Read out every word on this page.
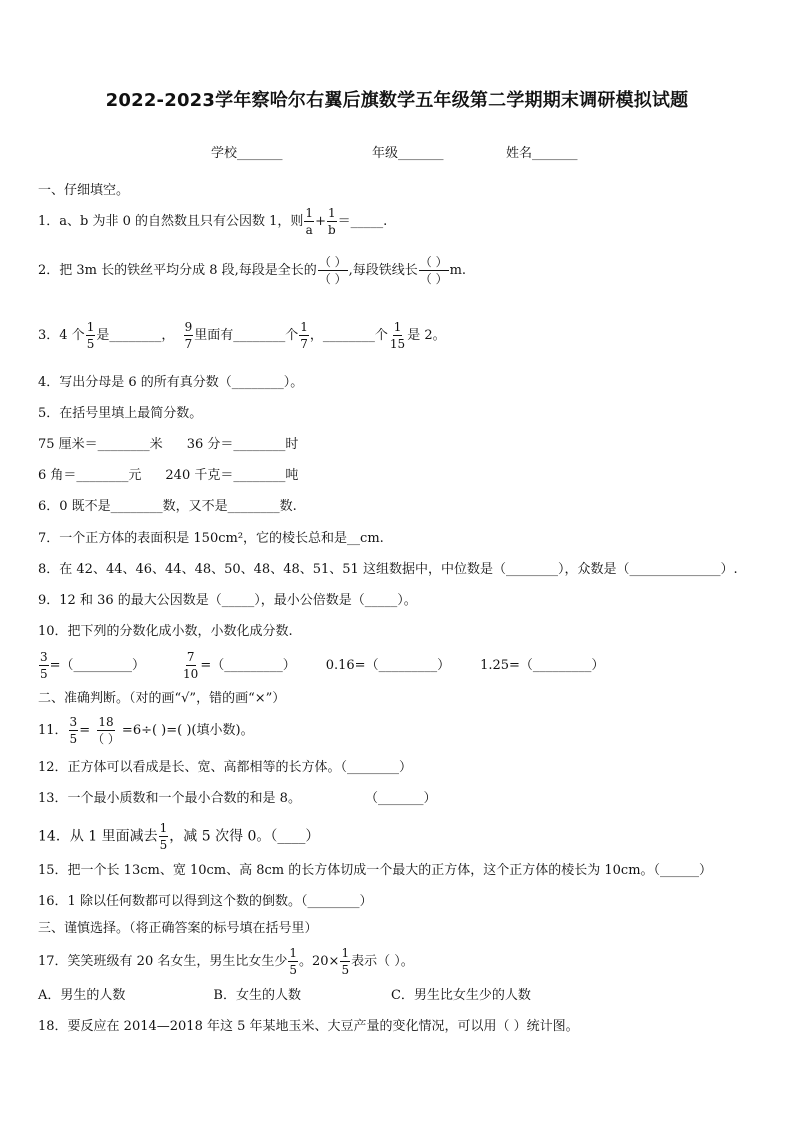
2022-2023学年察哈尔右翼后旗数学五年级第二学期期末调研模拟试题
学校_______	年级_______	姓名_______
一、仔细填空。
1．a、b 为非 0 的自然数且只有公因数 1，则 $\frac{1}{a} + \frac{1}{b}$ ＝_____.
2．把 3m 长的铁丝平均分成 8 段,每段是全长的 $\frac{( )}{( )}$ ,每段铁线长 $\frac{( )}{( )} m$.
3．4 个 $\frac{1}{5}$ 是________， $\frac{9}{7}$ 里面有________个 $\frac{1}{7}$ ，________个 $\frac{1}{15}$ 是 2。
4．写出分母是 6 的所有真分数（________）。
5．在括号里填上最简分数。
75 厘米＝________米 36 分＝________时
6 角＝________元 240 千克＝________吨
6．0 既不是________数，又不是________数.
7．一个正方体的表面积是 150cm²，它的棱长总和是__cm.
8．在 42、44、46、44、48、50、48、48、51、51 这组数据中，中位数是（________），众数是（______________）.
9．12 和 36 的最大公因数是（_____），最小公倍数是（_____）。
10．把下列的分数化成小数，小数化成分数.
$\frac{3}{5}$ =（_________）	$\frac{7}{10}$ =（_________） 0.16=（_________） 1.25=（_________）
二、准确判断。（对的画“√”，错的画“×”）
11． $\frac{3}{5} = \frac{18}{( )} =6\div$( )=( )(填小数)。
12．正方体可以看成是长、宽、高都相等的长方体。（________）
13．一个最小质数和一个最小合数的和是 8。	（_______）
14．从 1 里面减去 $\frac{1}{5}$ ，减 5 次得 0。（____）
15．把一个长 13cm、宽 10cm、高 8cm 的长方体切成一个最大的正方体，这个正方体的棱长为 10cm。（______）
16．1 除以任何数都可以得到这个数的倒数。（________）
三、谨慎选择。（将正确答案的标号填在括号里）
17．笑笑班级有 20 名女生，男生比女生少 $\frac{1}{5}$ 。$20\times \frac{1}{5}$ 表示（ ）。
A．男生的人数	B．女生的人数	C．男生比女生少的人数
18．要反应在 2014—2018 年这 5 年某地玉米、大豆产量的变化情况，可以用（ ）统计图。
